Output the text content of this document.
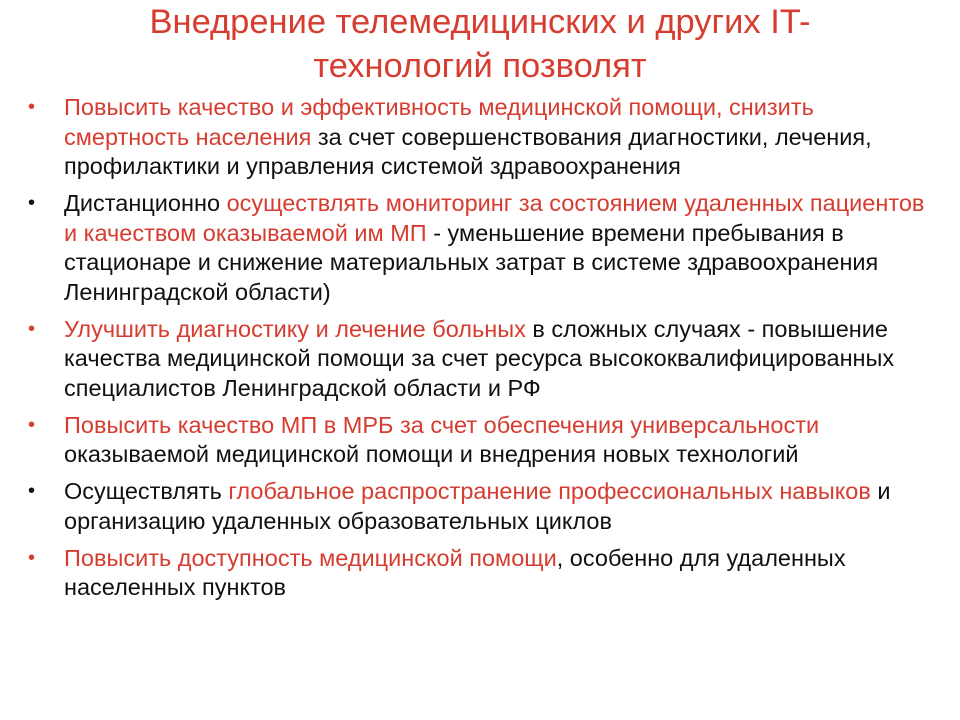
Внедрение телемедицинских и других IT-
технологий позволят
• Повысить качество и эффективность медицинской помощи, снизить смертность населения за счет совершенствования диагностики, лечения, профилактики и управления системой здравоохранения
• Дистанционно осуществлять мониторинг за состоянием удаленных пациентов и качеством оказываемой им МП - уменьшение времени пребывания в стационаре и снижение материальных затрат в системе здравоохранения Ленинградской области)
• Улучшить диагностику и лечение больных в сложных случаях - повышение качества медицинской помощи за счет ресурса высококвалифицированных специалистов Ленинградской области и РФ
• Повысить качество МП в МРБ за счет обеспечения универсальности оказываемой медицинской помощи и внедрения новых технологий
• Осуществлять глобальное распространение профессиональных навыков и организацию удаленных образовательных циклов
• Повысить доступность медицинской помощи, особенно для удаленных населенных пунктов
